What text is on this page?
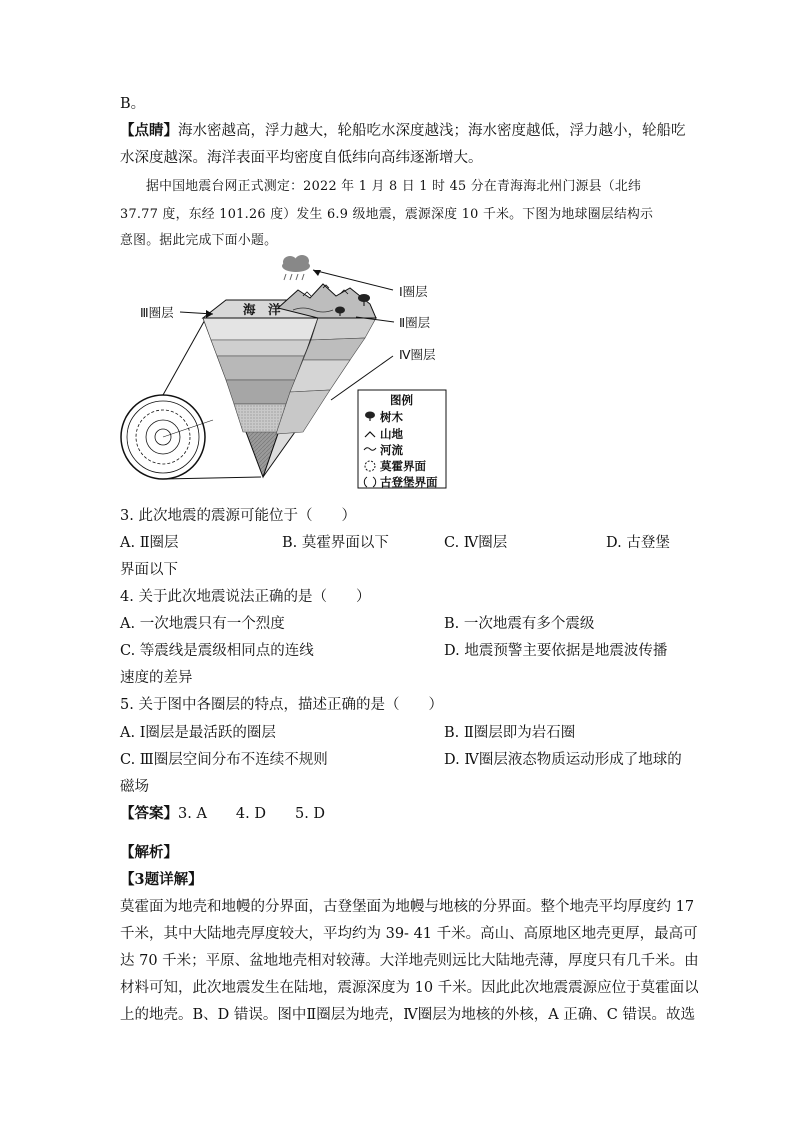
B。
【点睛】海水密越高，浮力越大，轮船吃水深度越浅；海水密度越低，浮力越小，轮船吃
水深度越深。海洋表面平均密度自低纬向高纬逐渐增大。
据中国地震台网正式测定：2022 年 1 月 8 日 1 时 45 分在青海海北州门源县（北纬
37.77 度，东经 101.26 度）发生 6.9 级地震，震源深度 10 千米。下图为地球圈层结构示
意图。据此完成下面小题。
海　洋
Ⅰ圈层
Ⅱ圈层
Ⅲ圈层
Ⅳ圈层
图例
树木
山地
河流
莫霍界面
古登堡界面
3. 此次地震的震源可能位于（　　）
A. Ⅱ圈层	B. 莫霍界面以下	C. Ⅳ圈层	D. 古登堡
界面以下
4. 关于此次地震说法正确的是（　　）
A. 一次地震只有一个烈度	B. 一次地震有多个震级
C. 等震线是震级相同点的连线	D. 地震预警主要依据是地震波传播
速度的差异
5. 关于图中各圈层的特点，描述正确的是（　　）
A. Ⅰ圈层是最活跃的圈层	B. Ⅱ圈层即为岩石圈
C. Ⅲ圈层空间分布不连续不规则	D. Ⅳ圈层液态物质运动形成了地球的
磁场
【答案】3. A　　4. D　　5. D
【解析】
【3题详解】
莫霍面为地壳和地幔的分界面，古登堡面为地幔与地核的分界面。整个地壳平均厚度约 17
千米，其中大陆地壳厚度较大，平均约为 39- 41 千米。高山、高原地区地壳更厚，最高可
达 70 千米；平原、盆地地壳相对较薄。大洋地壳则远比大陆地壳薄，厚度只有几千米。由
材料可知，此次地震发生在陆地，震源深度为 10 千米。因此此次地震震源应位于莫霍面以
上的地壳。B、D 错误。图中Ⅱ圈层为地壳，Ⅳ圈层为地核的外核，A 正确、C 错误。故选
